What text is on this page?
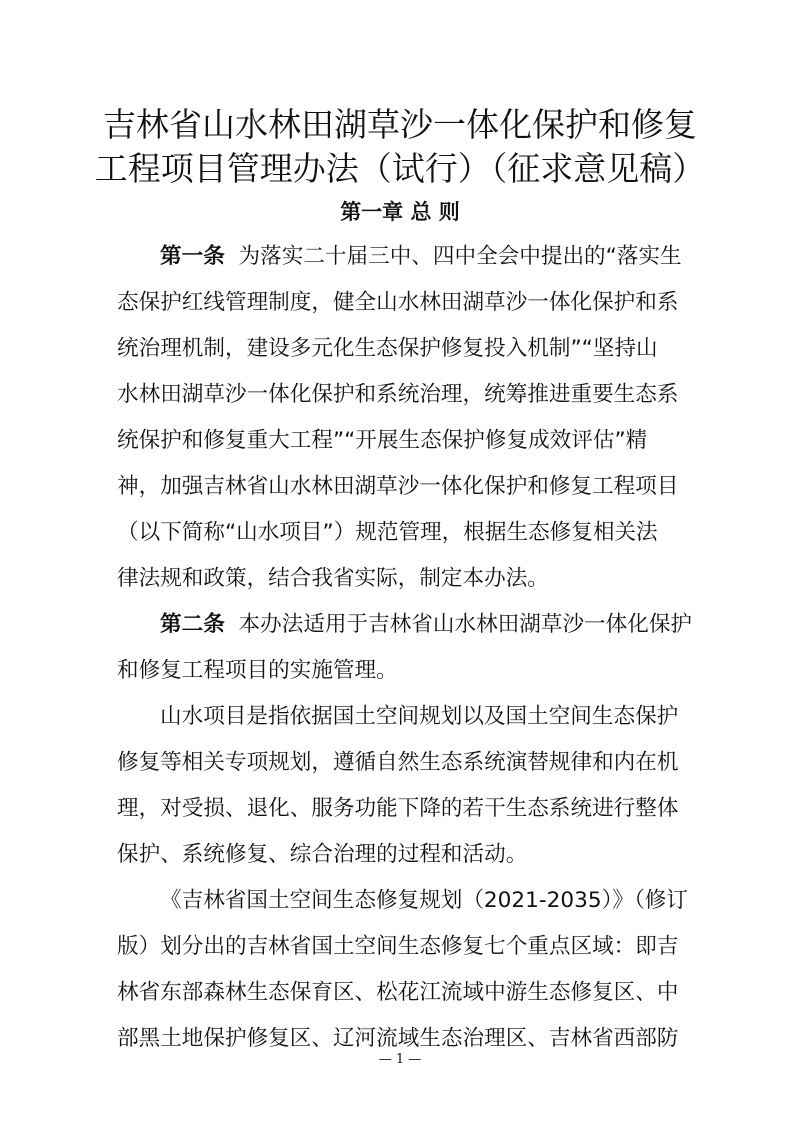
吉林省山水林田湖草沙一体化保护和修复
工程项目管理办法（试行）（征求意见稿）
第一章 总 则
第一条 为落实二十届三中、四中全会中提出的“落实生
态保护红线管理制度，健全山水林田湖草沙一体化保护和系
统治理机制，建设多元化生态保护修复投入机制”“坚持山
水林田湖草沙一体化保护和系统治理，统筹推进重要生态系
统保护和修复重大工程”“开展生态保护修复成效评估”精
神，加强吉林省山水林田湖草沙一体化保护和修复工程项目
（以下简称“山水项目”）规范管理，根据生态修复相关法
律法规和政策，结合我省实际，制定本办法。
第二条 本办法适用于吉林省山水林田湖草沙一体化保护
和修复工程项目的实施管理。
山水项目是指依据国土空间规划以及国土空间生态保护
修复等相关专项规划，遵循自然生态系统演替规律和内在机
理，对受损、退化、服务功能下降的若干生态系统进行整体
保护、系统修复、综合治理的过程和活动。
《吉林省国土空间生态修复规划（2021-2035）》（修订
版）划分出的吉林省国土空间生态修复七个重点区域：即吉
林省东部森林生态保育区、松花江流域中游生态修复区、中
部黑土地保护修复区、辽河流域生态治理区、吉林省西部防
— 1 —
